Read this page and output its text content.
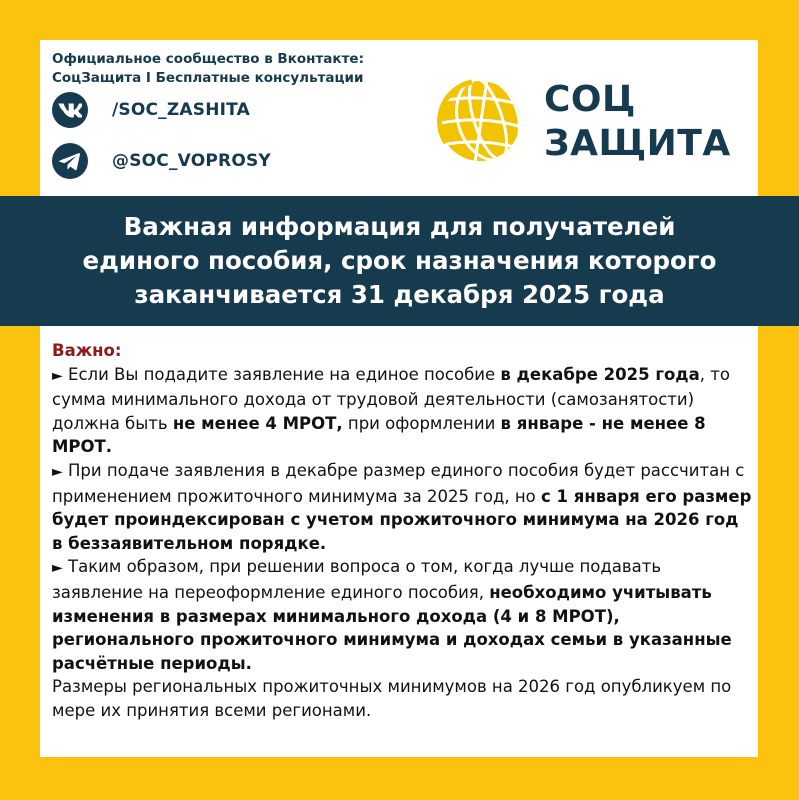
Официальное сообщество в Вконтакте:
СоцЗащита I Бесплатные консультации
/SOC_ZASHITA
@SOC_VOPROSY
СОЦ
ЗАЩИТА
Важная информация для получателей
единого пособия, срок назначения которого
заканчивается 31 декабря 2025 года

Важно:

► Если Вы подадите заявление на единое пособие в декабре 2025 года, то сумма минимального дохода от трудовой деятельности (самозанятости) должна быть не менее 4 МРОТ, при оформлении в январе - не менее 8 МРОТ.

► При подаче заявления в декабре размер единого пособия будет рассчитан с применением прожиточного минимума за 2025 год, но с 1 января его размер будет проиндексирован с учетом прожиточного минимума на 2026 год в беззаявительном порядке.

► Таким образом, при решении вопроса о том, когда лучше подавать заявление на переоформление единого пособия, необходимо учитывать изменения в размерах минимального дохода (4 и 8 МРОТ), регионального прожиточного минимума и доходах семьи в указанные расчётные периоды.

Размеры региональных прожиточных минимумов на 2026 год опубликуем по мере их принятия всеми регионами.
